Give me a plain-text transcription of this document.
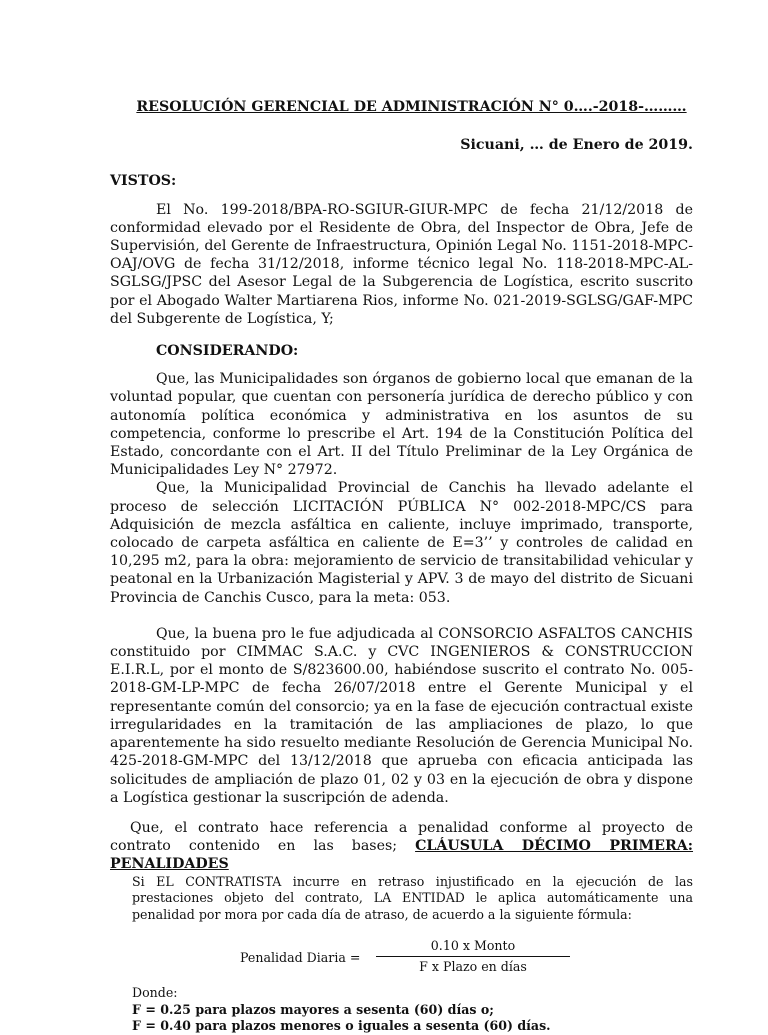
RESOLUCIÓN GERENCIAL DE ADMINISTRACIÓN N° 0….-2018-………
Sicuani, … de Enero de 2019.
VISTOS:

El No. 199-2018/BPA-RO-SGIUR-GIUR-MPC de fecha 21/12/2018 de conformidad elevado por el Residente de Obra, del Inspector de Obra, Jefe de Supervisión, del Gerente de Infraestructura, Opinión Legal No. 1151-2018-MPC-OAJ/OVG de fecha 31/12/2018, informe técnico legal No. 118-2018-MPC-AL-SGLSG/JPSC del Asesor Legal de la Subgerencia de Logística, escrito suscrito por el Abogado Walter Martiarena Rios, informe No. 021-2019-SGLSG/GAF-MPC del Subgerente de Logística, Y;

CONSIDERANDO:

Que, las Municipalidades son órganos de gobierno local que emanan de la voluntad popular, que cuentan con personería jurídica de derecho público y con autonomía política económica y administrativa en los asuntos de su competencia, conforme lo prescribe el Art. 194 de la Constitución Política del Estado, concordante con el Art. II del Título Preliminar de la Ley Orgánica de Municipalidades Ley N° 27972.

Que, la Municipalidad Provincial de Canchis ha llevado adelante el proceso de selección LICITACIÓN PÚBLICA N° 002-2018-MPC/CS para Adquisición de mezcla asfáltica en caliente, incluye imprimado, transporte, colocado de carpeta asfáltica en caliente de E=3’’ y controles de calidad en 10,295 m2, para la obra: mejoramiento de servicio de transitabilidad vehicular y peatonal en la Urbanización Magisterial y APV. 3 de mayo del distrito de Sicuani Provincia de Canchis Cusco, para la meta: 053.

Que, la buena pro le fue adjudicada al CONSORCIO ASFALTOS CANCHIS constituido por CIMMAC S.A.C. y CVC INGENIEROS & CONSTRUCCION E.I.R.L, por el monto de S/823600.00, habiéndose suscrito el contrato No. 005-2018-GM-LP-MPC de fecha 26/07/2018 entre el Gerente Municipal y el representante común del consorcio; ya en la fase de ejecución contractual existe irregularidades en la tramitación de las ampliaciones de plazo, lo que aparentemente ha sido resuelto mediante Resolución de Gerencia Municipal No. 425-2018-GM-MPC del 13/12/2018 que aprueba con eficacia anticipada las solicitudes de ampliación de plazo 01, 02 y 03 en la ejecución de obra y dispone a Logística gestionar la suscripción de adenda.

Que, el contrato hace referencia a penalidad conforme al proyecto de contrato contenido en las bases; CLÁUSULA DÉCIMO PRIMERA: PENALIDADES

Si EL CONTRATISTA incurre en retraso injustificado en la ejecución de las prestaciones objeto del contrato, LA ENTIDAD le aplica automáticamente una penalidad por mora por cada día de atraso, de acuerdo a la siguiente fórmula:

Penalidad Diaria =
0.10 x Monto
F x Plazo en días
Donde:
F = 0.25 para plazos mayores a sesenta (60) días o;
F = 0.40 para plazos menores o iguales a sesenta (60) días.
